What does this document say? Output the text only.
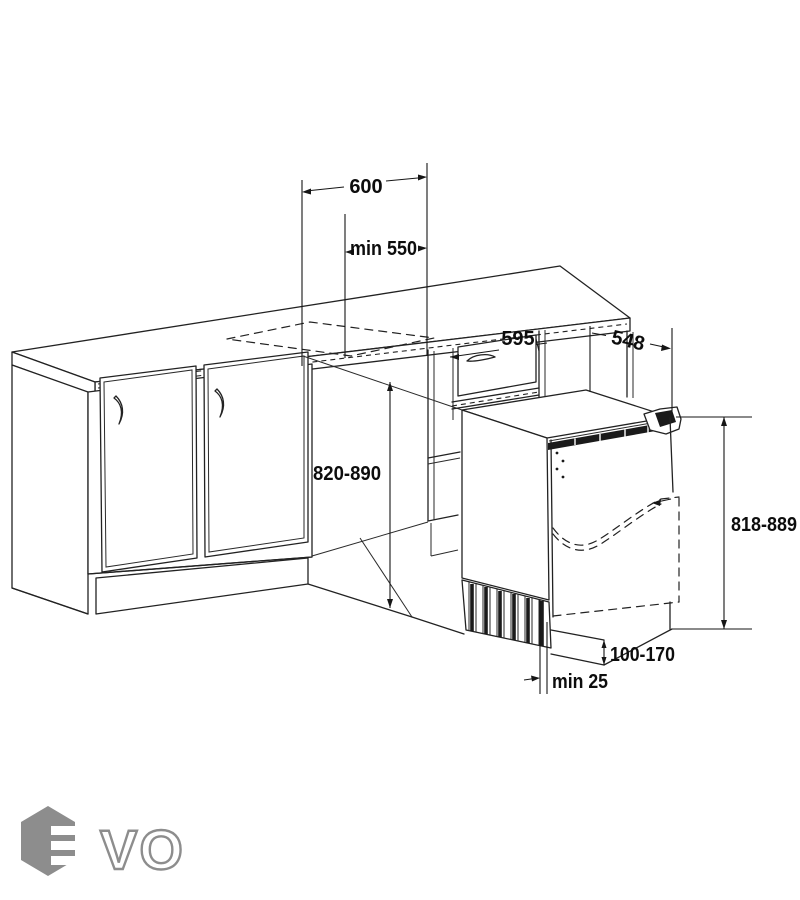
600
min 550
820-890
595	548
818-889
100-170
min 25
VO
